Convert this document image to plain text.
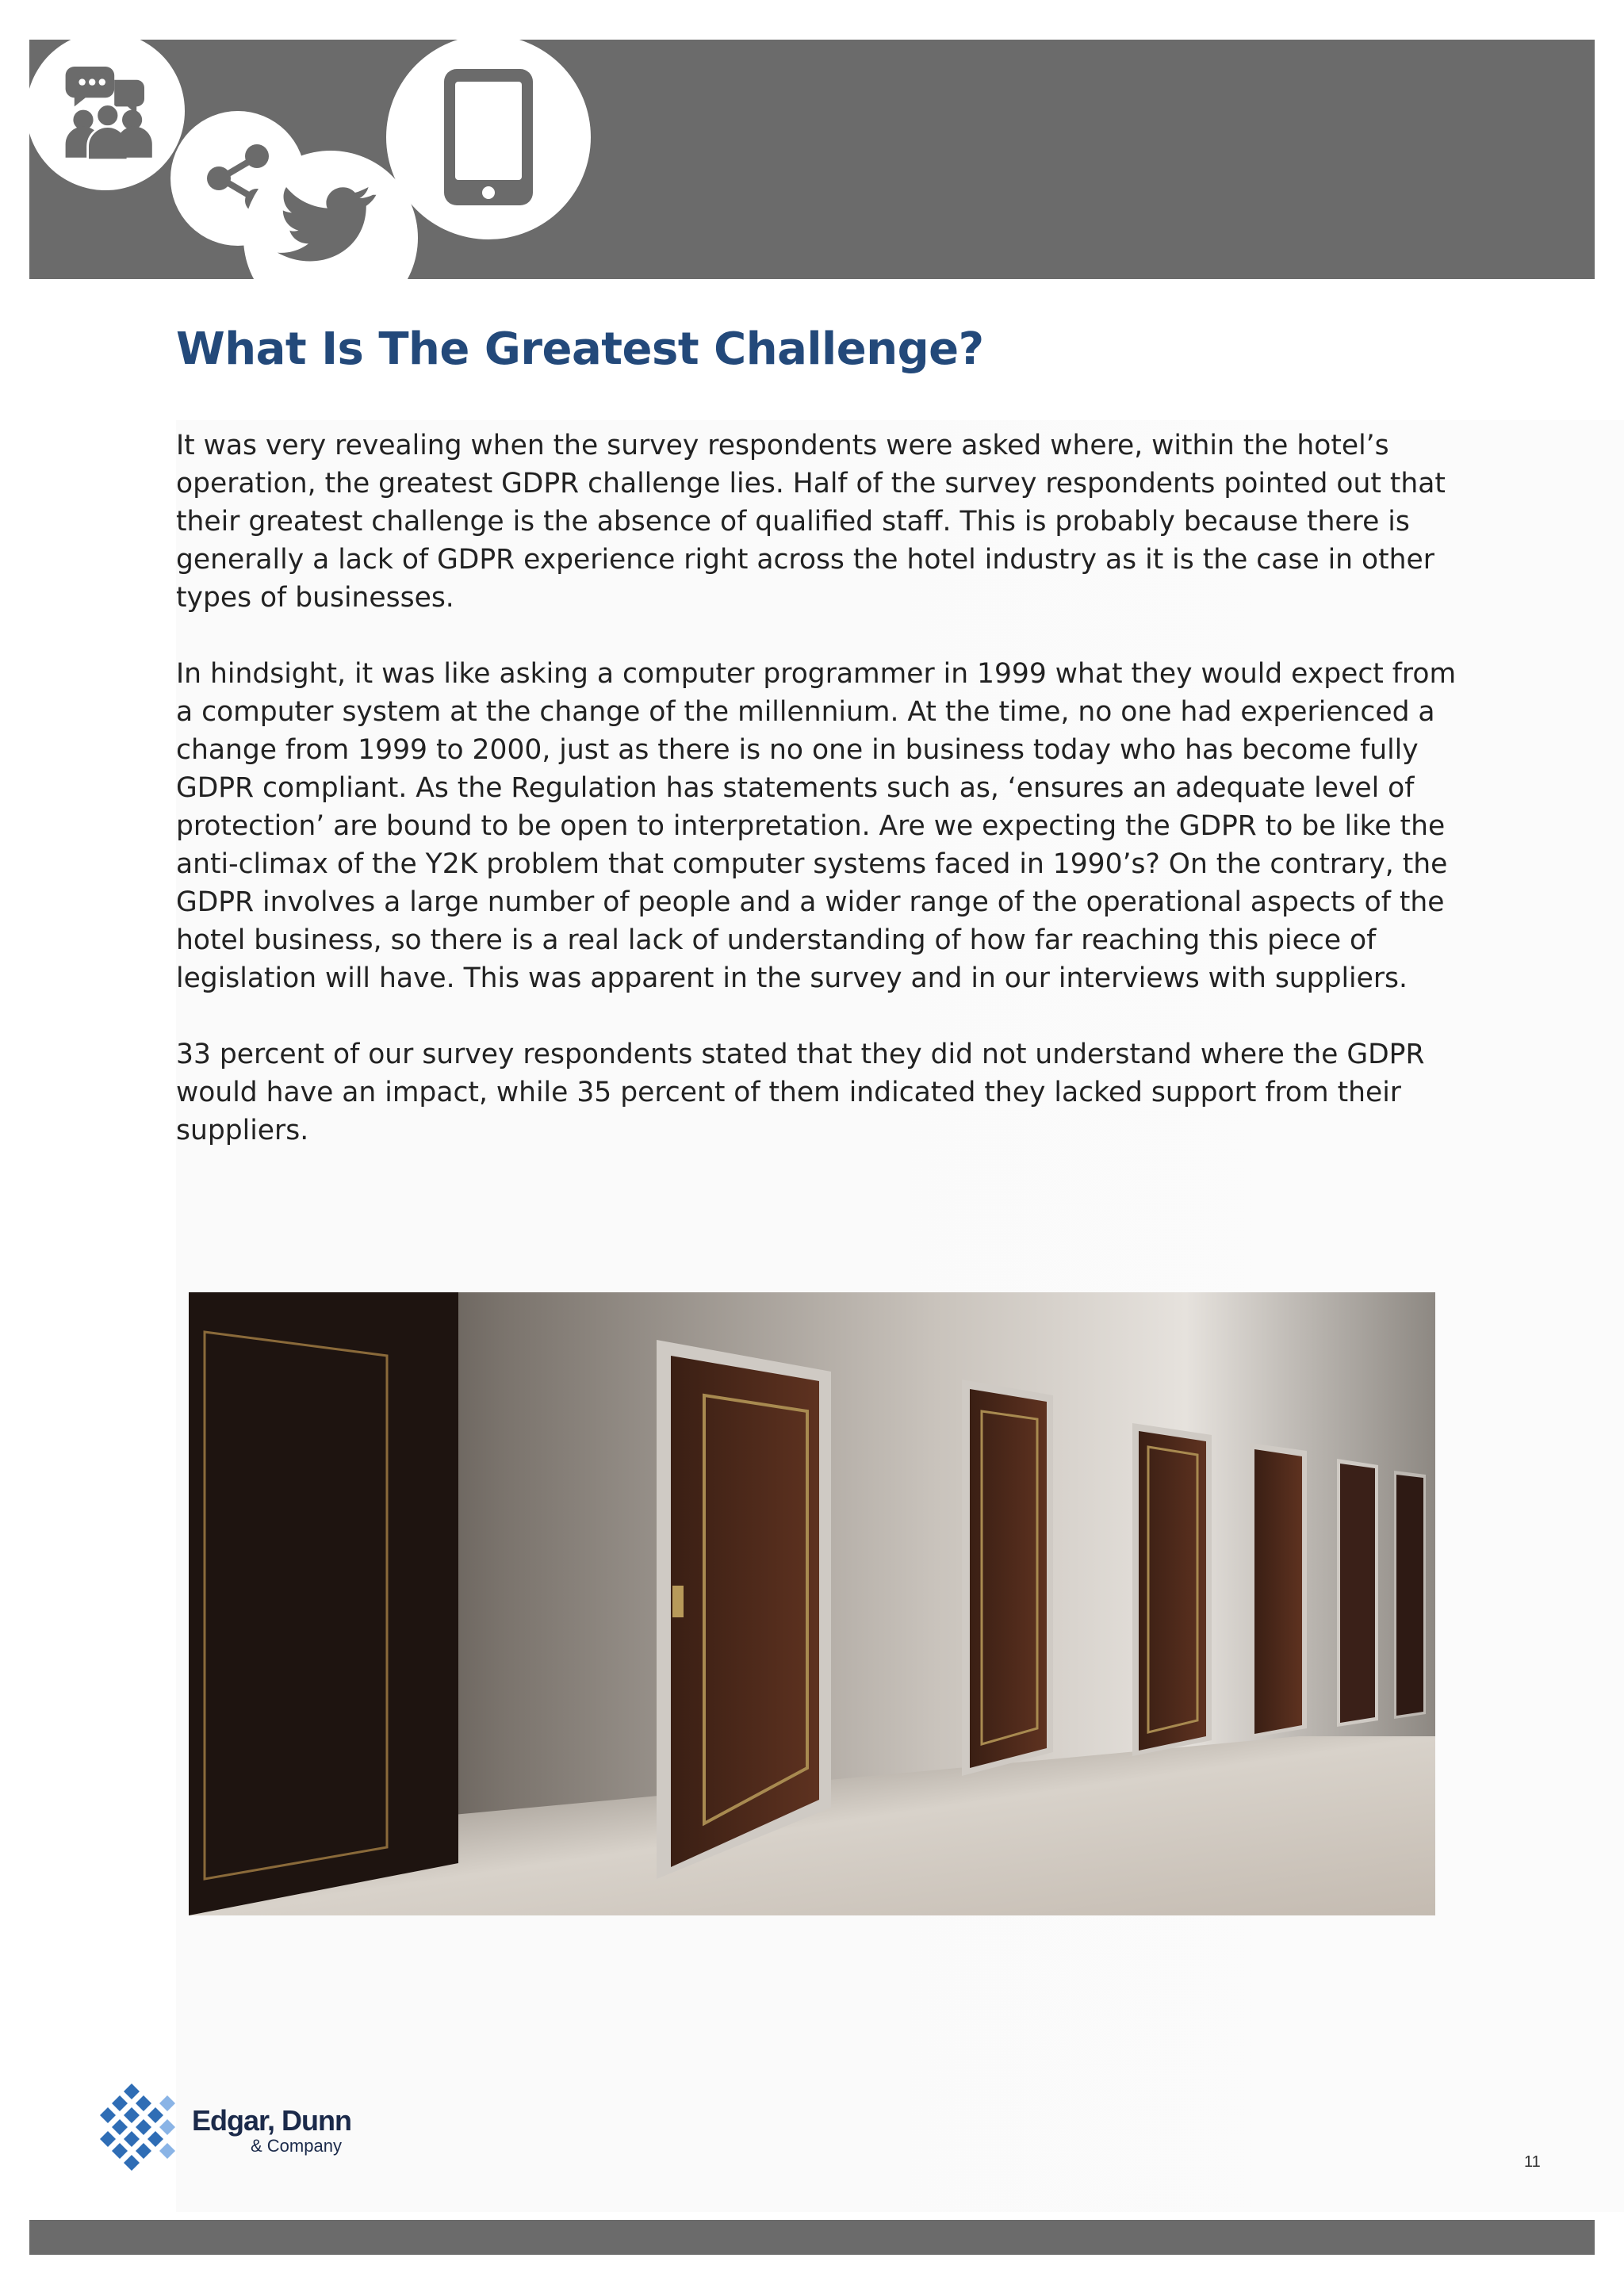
What Is The Greatest Challenge?

It was very revealing when the survey respondents were asked where, within the hotel’s operation, the greatest GDPR challenge lies. Half of the survey respondents pointed out that their greatest challenge is the absence of qualified staff. This is probably because there is generally a lack of GDPR experience right across the hotel industry as it is the case in other types of businesses.

In hindsight, it was like asking a computer programmer in 1999 what they would expect from a computer system at the change of the millennium. At the time, no one had experienced a change from 1999 to 2000, just as there is no one in business today who has become fully GDPR compliant. As the Regulation has statements such as, ‘ensures an adequate level of protection’ are bound to be open to interpretation. Are we expecting the GDPR to be like the anti-climax of the Y2K problem that computer systems faced in 1990’s? On the contrary, the GDPR involves a large number of people and a wider range of the operational aspects of the hotel business, so there is a real lack of understanding of how far reaching this piece of legislation will have. This was apparent in the survey and in our interviews with suppliers.

33 percent of our survey respondents stated that they did not understand where the GDPR would have an impact, while 35 percent of them indicated they lacked support from their suppliers.

Edgar, Dunn

& Company

11
